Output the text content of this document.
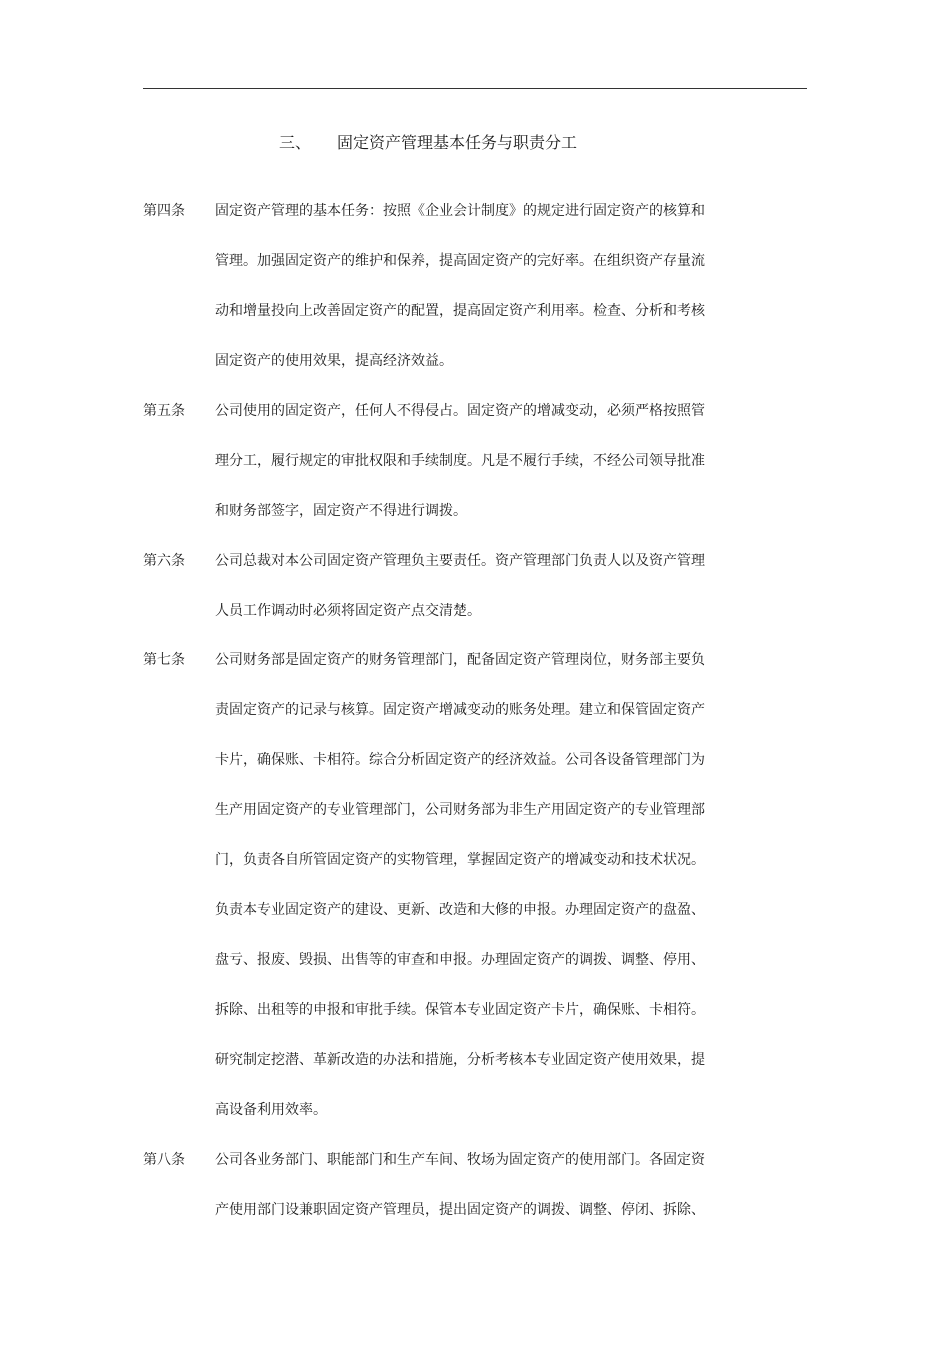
三、 固定资产管理基本任务与职责分工
第四条 固定资产管理的基本任务：按照《企业会计制度》的规定进行固定资产的核算和
管理。加强固定资产的维护和保养，提高固定资产的完好率。在组织资产存量流
动和增量投向上改善固定资产的配置，提高固定资产利用率。检查、分析和考核
固定资产的使用效果，提高经济效益。
第五条 公司使用的固定资产，任何人不得侵占。固定资产的增减变动，必须严格按照管
理分工，履行规定的审批权限和手续制度。凡是不履行手续，不经公司领导批准
和财务部签字，固定资产不得进行调拨。
第六条 公司总裁对本公司固定资产管理负主要责任。资产管理部门负责人以及资产管理
人员工作调动时必须将固定资产点交清楚。
第七条 公司财务部是固定资产的财务管理部门，配备固定资产管理岗位，财务部主要负
责固定资产的记录与核算。固定资产增减变动的账务处理。建立和保管固定资产
卡片，确保账、卡相符。综合分析固定资产的经济效益。公司各设备管理部门为
生产用固定资产的专业管理部门，公司财务部为非生产用固定资产的专业管理部
门，负责各自所管固定资产的实物管理，掌握固定资产的增减变动和技术状况。
负责本专业固定资产的建设、更新、改造和大修的申报。办理固定资产的盘盈、
盘亏、报废、毁损、出售等的审查和申报。办理固定资产的调拨、调整、停用、
拆除、出租等的申报和审批手续。保管本专业固定资产卡片，确保账、卡相符。
研究制定挖潜、革新改造的办法和措施，分析考核本专业固定资产使用效果，提
高设备利用效率。
第八条 公司各业务部门、职能部门和生产车间、牧场为固定资产的使用部门。各固定资
产使用部门设兼职固定资产管理员，提出固定资产的调拨、调整、停闭、拆除、
